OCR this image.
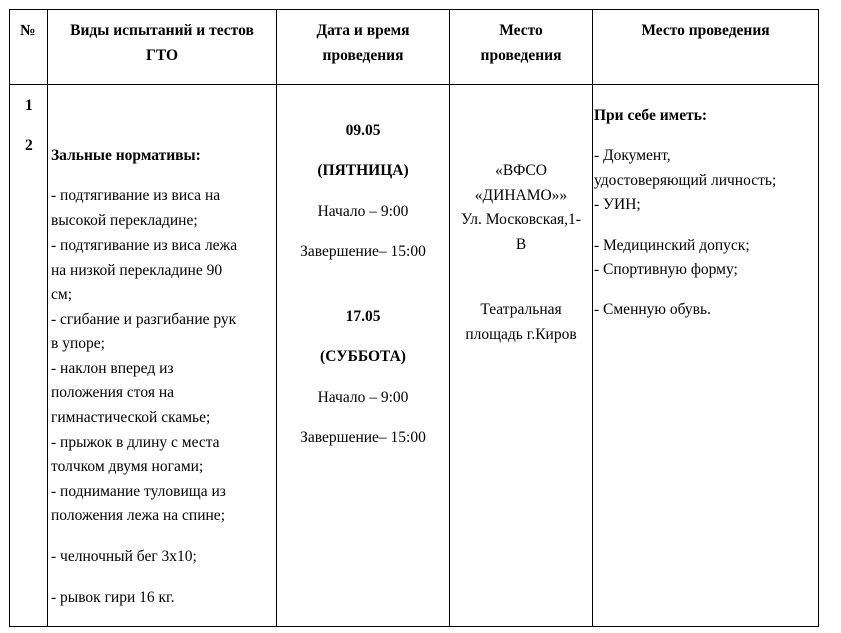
№	Виды испытаний и тестов
ГТО
Дата и время
проведения
Место
проведения
Место проведения
1
2
Зальные нормативы:
- подтягивание из виса на
высокой перекладине;
- подтягивание из виса лежа
на низкой перекладине 90
см;
- сгибание и разгибание рук
в упоре;
- наклон вперед из
положения стоя на
гимнастической скамье;
- прыжок в длину с места
толчком двумя ногами;
- поднимание туловища из
положения лежа на спине;
- челночный бег 3х10;
- рывок гири 16 кг.
09.05
(ПЯТНИЦА)
Начало – 9:00
Завершение– 15:00
17.05
(СУББОТА)
Начало – 9:00
Завершение– 15:00
«ВФСО
«ДИНАМО»»
Ул. Московская,1-
В
Театральная
площадь г.Киров
При себе иметь:
- Документ,
удостоверяющий личность;
- УИН;
- Медицинский допуск;
- Спортивную форму;
- Сменную обувь.
